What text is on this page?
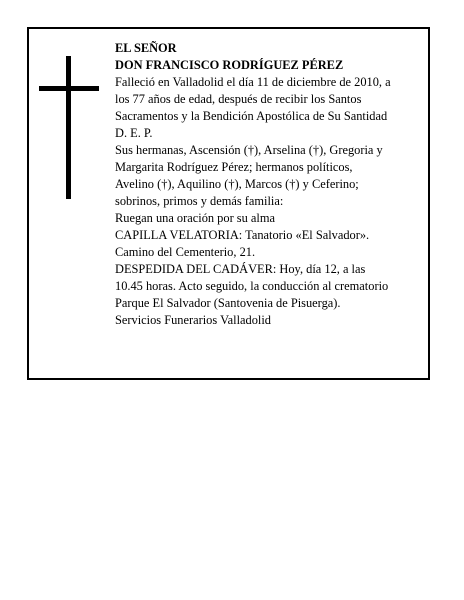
EL SEÑOR
DON FRANCISCO RODRÍGUEZ PÉREZ
Falleció en Valladolid el día 11 de diciembre de 2010, a
los 77 años de edad, después de recibir los Santos
Sacramentos y la Bendición Apostólica de Su Santidad
D. E. P.
Sus hermanas, Ascensión (†), Arselina (†), Gregoria y
Margarita Rodríguez Pérez; hermanos políticos,
Avelino (†), Aquilino (†), Marcos (†) y Ceferino;
sobrinos, primos y demás familia:
Ruegan una oración por su alma
CAPILLA VELATORIA: Tanatorio «El Salvador».
Camino del Cementerio, 21.
DESPEDIDA DEL CADÁVER: Hoy, día 12, a las
10.45 horas. Acto seguido, la conducción al crematorio
Parque El Salvador (Santovenia de Pisuerga).
Servicios Funerarios Valladolid
